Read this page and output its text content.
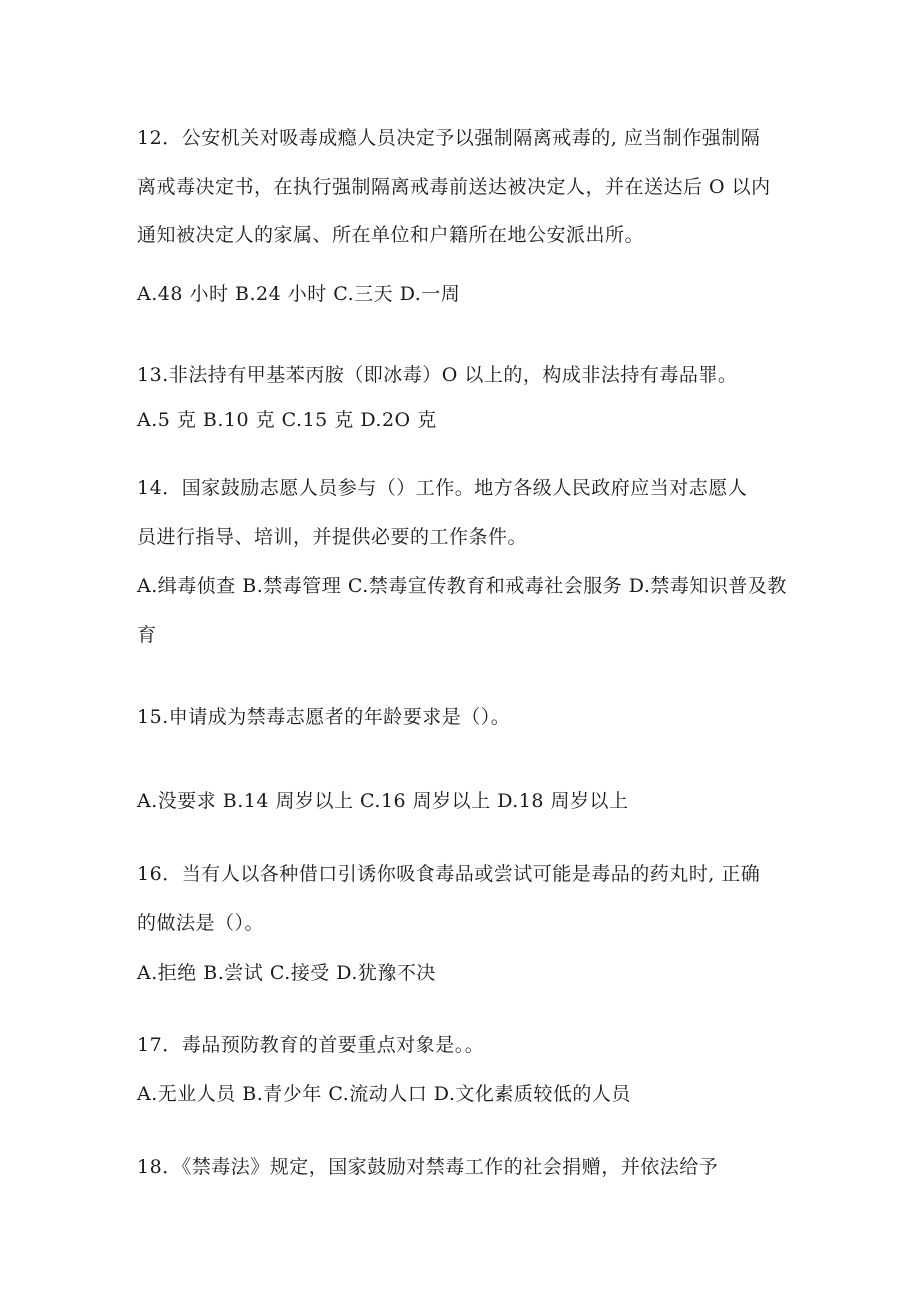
12．公安机关对吸毒成瘾人员决定予以强制隔离戒毒的, 应当制作强制隔
离戒毒决定书，在执行强制隔离戒毒前送达被决定人，并在送达后 O 以内
通知被决定人的家属、所在单位和户籍所在地公安派出所。
A.48 小时 B.24 小时 C.三天 D.一周
13.非法持有甲基苯丙胺（即冰毒）O 以上的，构成非法持有毒品罪。
A.5 克 B.10 克 C.15 克 D.2O 克
14．国家鼓励志愿人员参与（）工作。地方各级人民政府应当对志愿人
员进行指导、培训，并提供必要的工作条件。
A.缉毒侦查 B.禁毒管理 C.禁毒宣传教育和戒毒社会服务 D.禁毒知识普及教
育
15.申请成为禁毒志愿者的年龄要求是（）。
A.没要求 B.14 周岁以上 C.16 周岁以上 D.18 周岁以上
16．当有人以各种借口引诱你吸食毒品或尝试可能是毒品的药丸时, 正确
的做法是（）。
A.拒绝 B.尝试 C.接受 D.犹豫不决
17．毒品预防教育的首要重点对象是。。
A.无业人员 B.青少年 C.流动人口 D.文化素质较低的人员
18．《禁毒法》规定，国家鼓励对禁毒工作的社会捐赠，并依法给予
